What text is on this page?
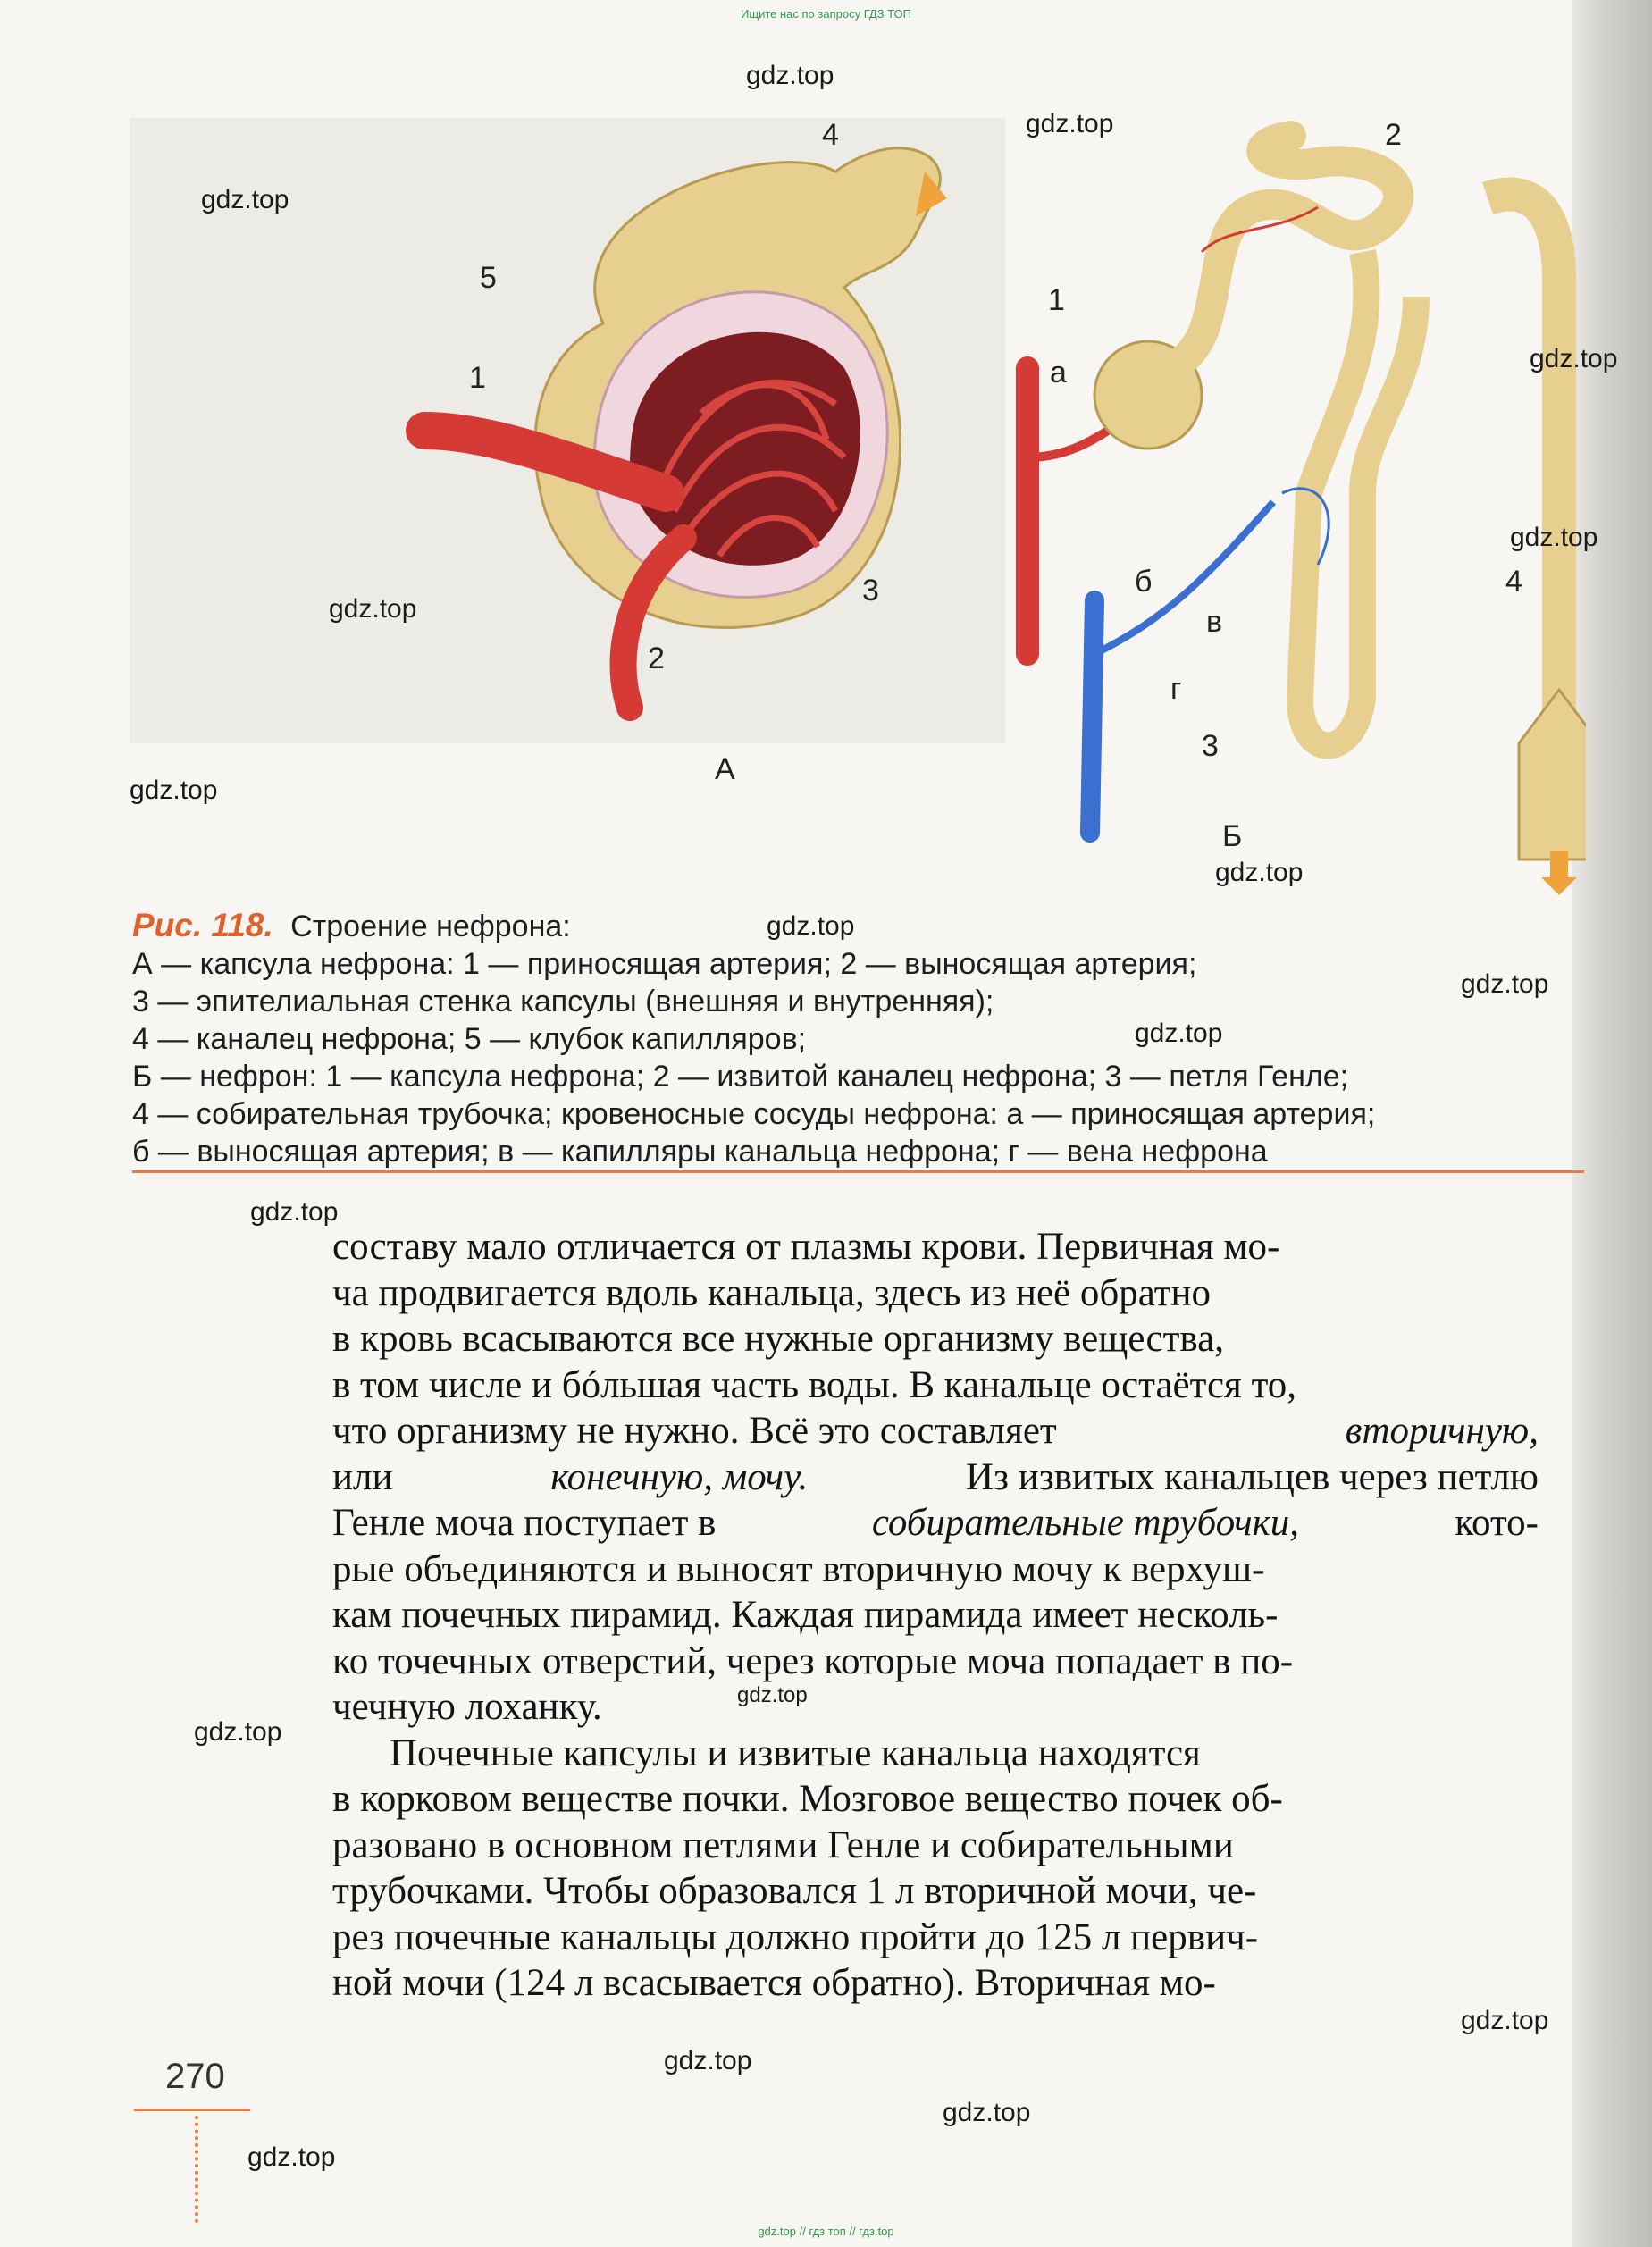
Ищите нас по запросу ГДЗ ТОП
1
2
3
4
5
А
1
2
3
4
а
б
в
г
Б
Рис. 118. Строение нефрона:
А — капсула нефрона: 1 — приносящая артерия; 2 — выносящая артерия;
3 — эпителиальная стенка капсулы (внешняя и внутренняя);
4 — каналец нефрона; 5 — клубок капилляров;
Б — нефрон: 1 — капсула нефрона; 2 — извитой каналец нефрона; 3 — петля Генле;
4 — собирательная трубочка; кровеносные сосуды нефрона: а — приносящая артерия;
б — выносящая артерия; в — капилляры канальца нефрона; г — вена нефрона
составу мало отличается от плазмы крови. Первичная мо-
ча продвигается вдоль канальца, здесь из неё обратно
в кровь всасываются все нужные организму вещества,
в том числе и бóльшая часть воды. В канальце остаётся то,
что организму не нужно. Всё это составляет	вторичную,
или	конечную, мочу.	Из извитых канальцев через петлю
Генле моча поступает в	собирательные трубочки,	кото-
рые объединяются и выносят вторичную мочу к верхуш-
кам почечных пирамид. Каждая пирамида имеет несколь-
ко точечных отверстий, через которые моча попадает в по-
чечную лоханку.
Почечные капсулы и извитые канальца находятся
в корковом веществе почки. Мозговое вещество почек об-
разовано в основном петлями Генле и собирательными
трубочками. Чтобы образовался 1 л вторичной мочи, че-
рез почечные канальцы должно пройти до 125 л первич-
ной мочи (124 л всасывается обратно). Вторичная мо-
270
gdz.top
gdz.top
gdz.top
gdz.top
gdz.top
gdz.top
gdz.top
gdz.top
gdz.top
gdz.top
gdz.top
gdz.top
gdz.top
gdz.top
gdz.top
gdz.top
gdz.top
gdz.top
gdz.top // гдз топ // гдз.top
